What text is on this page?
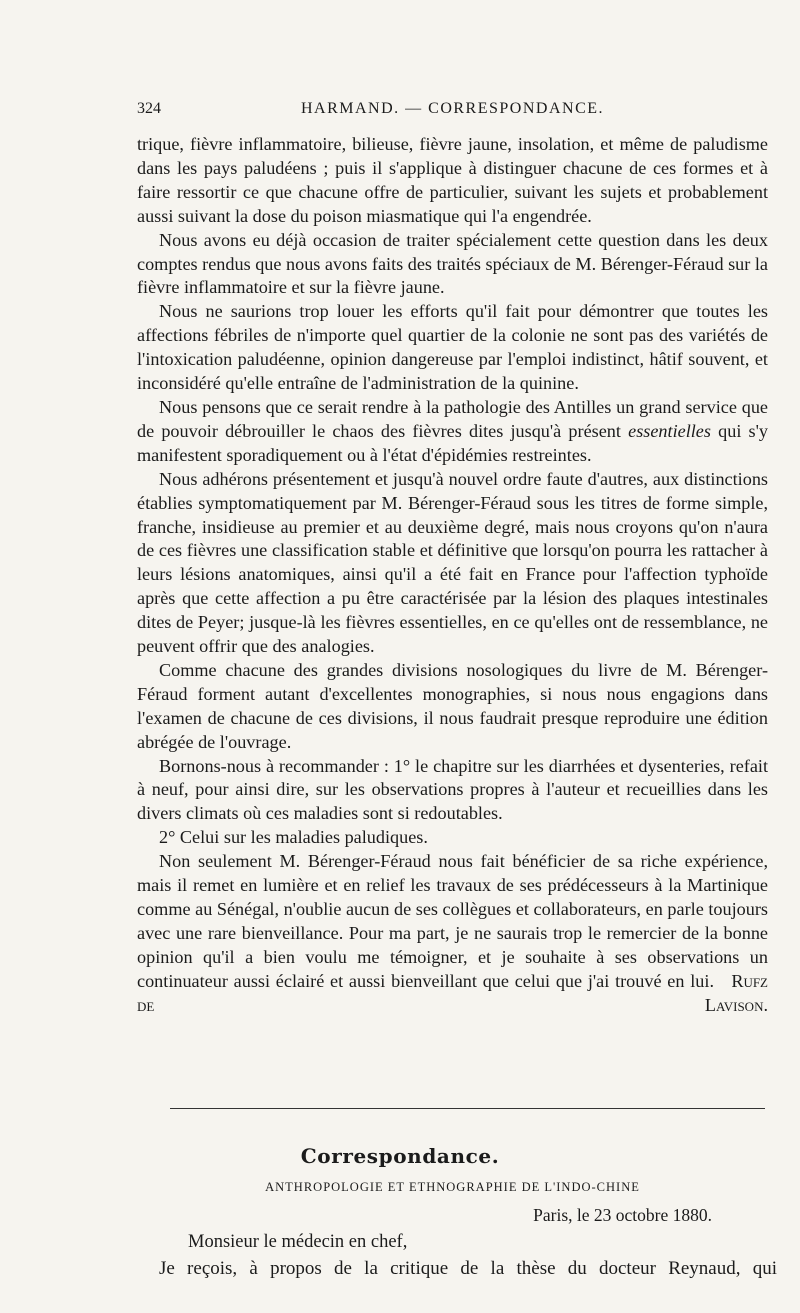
324	HARMAND. — CORRESPONDANCE.

trique, fièvre inflammatoire, bilieuse, fièvre jaune, insolation, et même de paludisme dans les pays paludéens ; puis il s'applique à distinguer chacune de ces formes et à faire ressortir ce que chacune offre de particulier, suivant les sujets et probablement aussi suivant la dose du poison miasmatique qui l'a engendrée.

Nous avons eu déjà occasion de traiter spécialement cette question dans les deux comptes rendus que nous avons faits des traités spéciaux de M. Bérenger-Féraud sur la fièvre inflammatoire et sur la fièvre jaune.

Nous ne saurions trop louer les efforts qu'il fait pour démontrer que toutes les affections fébriles de n'importe quel quartier de la colonie ne sont pas des variétés de l'intoxication paludéenne, opinion dangereuse par l'emploi indistinct, hâtif souvent, et inconsidéré qu'elle entraîne de l'administration de la quinine.

Nous pensons que ce serait rendre à la pathologie des Antilles un grand service que de pouvoir débrouiller le chaos des fièvres dites jusqu'à présent essentielles qui s'y manifestent sporadiquement ou à l'état d'épidémies restreintes.

Nous adhérons présentement et jusqu'à nouvel ordre faute d'autres, aux distinctions établies symptomatiquement par M. Bérenger-Féraud sous les titres de forme simple, franche, insidieuse au premier et au deuxième degré, mais nous croyons qu'on n'aura de ces fièvres une classification stable et définitive que lorsqu'on pourra les rattacher à leurs lésions anatomiques, ainsi qu'il a été fait en France pour l'affection typhoïde après que cette affection a pu être caractérisée par la lésion des plaques intestinales dites de Peyer; jusque-là les fièvres essentielles, en ce qu'elles ont de ressemblance, ne peuvent offrir que des analogies.

Comme chacune des grandes divisions nosologiques du livre de M. Bérenger-Féraud forment autant d'excellentes monographies, si nous nous engagions dans l'examen de chacune de ces divisions, il nous faudrait presque reproduire une édition abrégée de l'ouvrage.

Bornons-nous à recommander : 1° le chapitre sur les diarrhées et dysenteries, refait à neuf, pour ainsi dire, sur les observations propres à l'auteur et recueillies dans les divers climats où ces maladies sont si redoutables.

2° Celui sur les maladies paludiques.

Non seulement M. Bérenger-Féraud nous fait bénéficier de sa riche expérience, mais il remet en lumière et en relief les travaux de ses prédécesseurs à la Martinique comme au Sénégal, n'oublie aucun de ses collègues et collaborateurs, en parle toujours avec une rare bienveillance. Pour ma part, je ne saurais trop le remercier de la bonne opinion qu'il a bien voulu me témoigner, et je souhaite à ses observations un continuateur aussi éclairé et aussi bienveillant que celui que j'ai trouvé en lui. Rufz de Lavison.

Correspondance.
ANTHROPOLOGIE ET ETHNOGRAPHIE DE L'INDO-CHINE
Paris, le 23 octobre 1880.
Monsieur le médecin en chef,
Je reçois, à propos de la critique de la thèse du docteur Reynaud, qui
